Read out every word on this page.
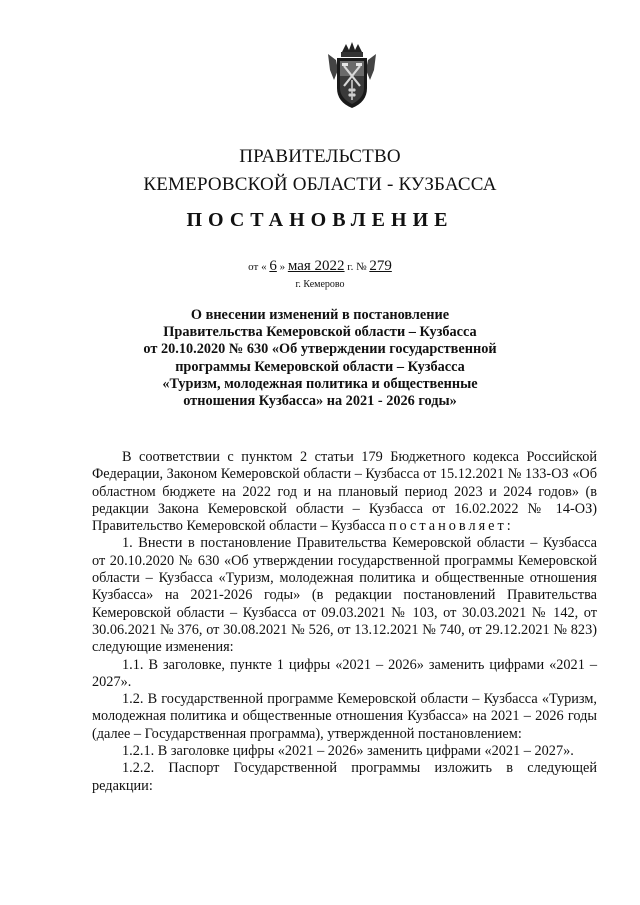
ПРАВИТЕЛЬСТВО
КЕМЕРОВСКОЙ ОБЛАСТИ - КУЗБАССА
ПОСТАНОВЛЕНИЕ
от « 6 » мая 2022 г. № 279
г. Кемерово
О внесении изменений в постановление
Правительства Кемеровской области – Кузбасса
от 20.10.2020 № 630 «Об утверждении государственной
программы Кемеровской области – Кузбасса
«Туризм, молодежная политика и общественные
отношения Кузбасса» на 2021 - 2026 годы»

В соответствии с пунктом 2 статьи 179 Бюджетного кодекса Российской Федерации, Законом Кемеровской области – Кузбасса от 15.12.2021 № 133-ОЗ «Об областном бюджете на 2022 год и на плановый период 2023 и 2024 годов» (в редакции Закона Кемеровской области – Кузбасса от 16.02.2022 № 14-ОЗ) Правительство Кемеровской области – Кузбасса постановляет:

1. Внести в постановление Правительства Кемеровской области – Кузбасса от 20.10.2020 № 630 «Об утверждении государственной программы Кемеровской области – Кузбасса «Туризм, молодежная политика и общественные отношения Кузбасса» на 2021-2026 годы» (в редакции постановлений Правительства Кемеровской области – Кузбасса от 09.03.2021 № 103, от 30.03.2021 № 142, от 30.06.2021 № 376, от 30.08.2021 № 526, от 13.12.2021 № 740, от 29.12.2021 № 823) следующие изменения:

1.1. В заголовке, пункте 1 цифры «2021 – 2026» заменить цифрами «2021 – 2027».

1.2. В государственной программе Кемеровской области – Кузбасса «Туризм, молодежная политика и общественные отношения Кузбасса» на 2021 – 2026 годы (далее – Государственная программа), утвержденной постановлением:

1.2.1. В заголовке цифры «2021 – 2026» заменить цифрами «2021 – 2027».

1.2.2. Паспорт Государственной программы изложить в следующей редакции:
